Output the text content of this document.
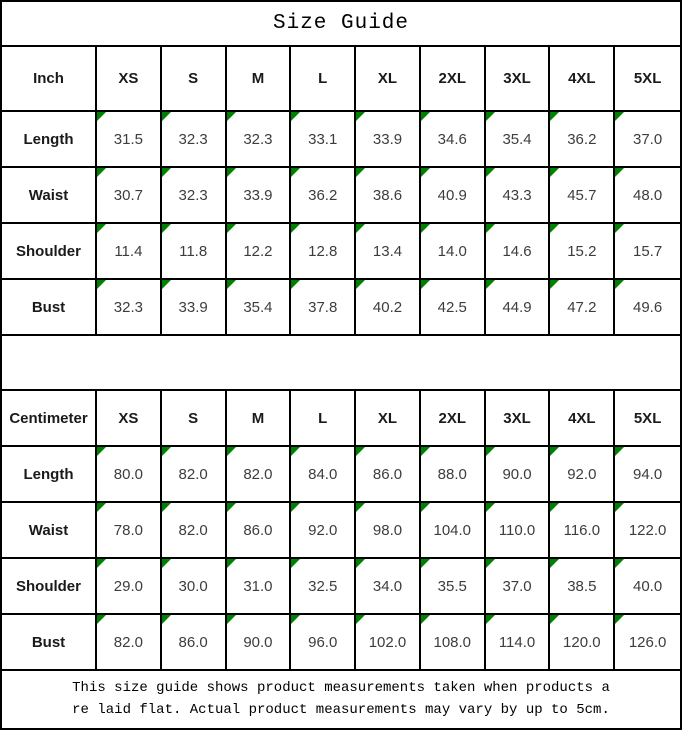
Size Guide
Inch	XS	S	M	L	XL	2XL 3XL 4XL	5XL
Length	31.5 32.3 32.3 33.1 33.9 34.6 35.4 36.2 37.0
Waist	30.7 32.3 33.9 36.2 38.6 40.9 43.3 45.7 48.0
Shoulder 11.4 11.8 12.2 12.8 13.4 14.0 14.6 15.2 15.7
Bust	32.3 33.9 35.4 37.8 40.2 42.5 44.9 47.2 49.6
Centimeter XS	S	M	L	XL	2XL 3XL 4XL	5XL
Length	80.0 82.0 82.0 84.0 86.0 88.0 90.0 92.0 94.0
Waist	78.0 82.0 86.0 92.0 98.0 104.0 110.0 116.0 122.0
Shoulder 29.0 30.0 31.0 32.5 34.0 35.5 37.0 38.5 40.0
Bust	82.0 86.0 90.0 96.0 102.0 108.0 114.0 120.0 126.0
This size guide shows product measurements taken when products a
re laid flat. Actual product measurements may vary by up to 5cm.
